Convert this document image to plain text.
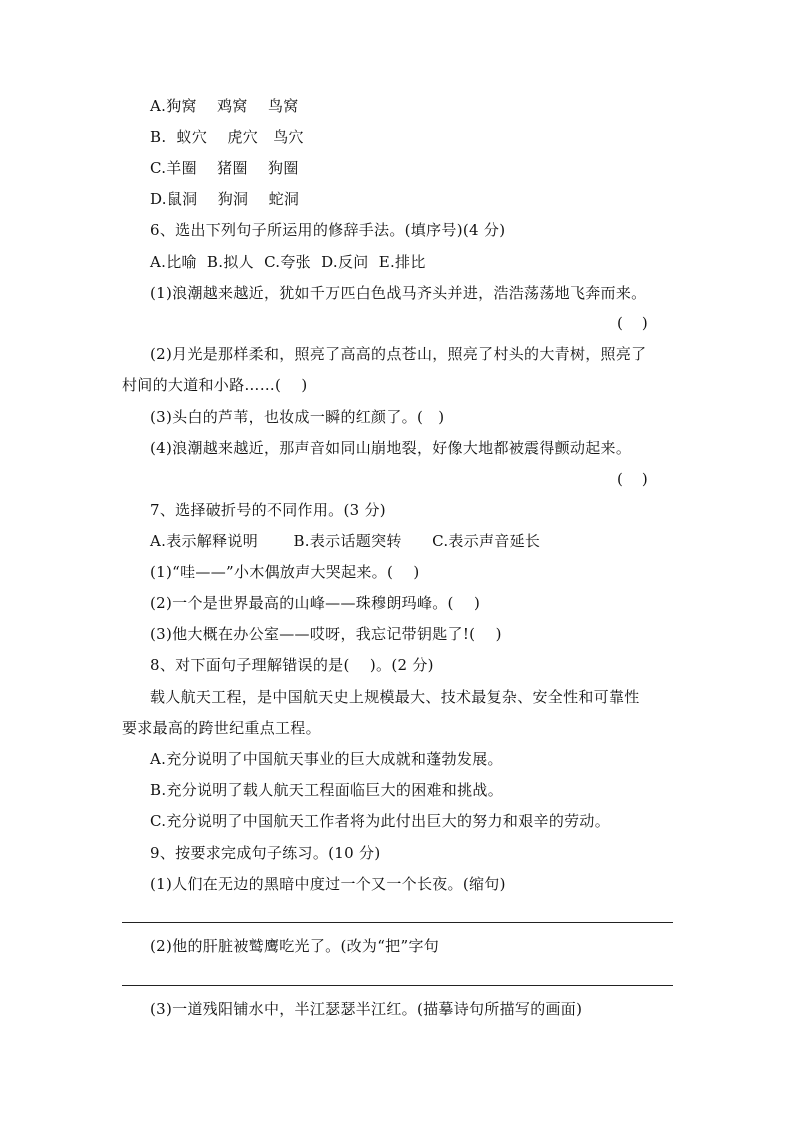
A.狗窝    鸡窝    鸟窝
B.  蚁穴    虎穴   鸟穴
C.羊圈    猪圈    狗圈
D.鼠洞    狗洞    蛇洞
6、选出下列句子所运用的修辞手法。(填序号)(4 分)
A.比喻  B.拟人  C.夸张  D.反问  E.排比
(1)浪潮越来越近，犹如千万匹白色战马齐头并进，浩浩荡荡地飞奔而来。
(    )
(2)月光是那样柔和，照亮了高高的点苍山，照亮了村头的大青树，照亮了
村间的大道和小路……(    )
(3)头白的芦苇，也妆成一瞬的红颜了。(   )
(4)浪潮越来越近，那声音如同山崩地裂，好像大地都被震得颤动起来。
(    )
7、选择破折号的不同作用。(3 分)
A.表示解释说明       B.表示话题突转      C.表示声音延长
(1)“哇——”小木偶放声大哭起来。(    )
(2)一个是世界最高的山峰——珠穆朗玛峰。(    )
(3)他大概在办公室——哎呀，我忘记带钥匙了!(    )
8、对下面句子理解错误的是(    )。(2 分)
载人航天工程，是中国航天史上规模最大、技术最复杂、安全性和可靠性
要求最高的跨世纪重点工程。
A.充分说明了中国航天事业的巨大成就和蓬勃发展。
B.充分说明了载人航天工程面临巨大的困难和挑战。
C.充分说明了中国航天工作者将为此付出巨大的努力和艰辛的劳动。
9、按要求完成句子练习。(10 分)
(1)人们在无边的黑暗中度过一个又一个长夜。(缩句)
(2)他的肝脏被鹫鹰吃光了。(改为“把”字句
(3)一道残阳铺水中，半江瑟瑟半江红。(描摹诗句所描写的画面)
